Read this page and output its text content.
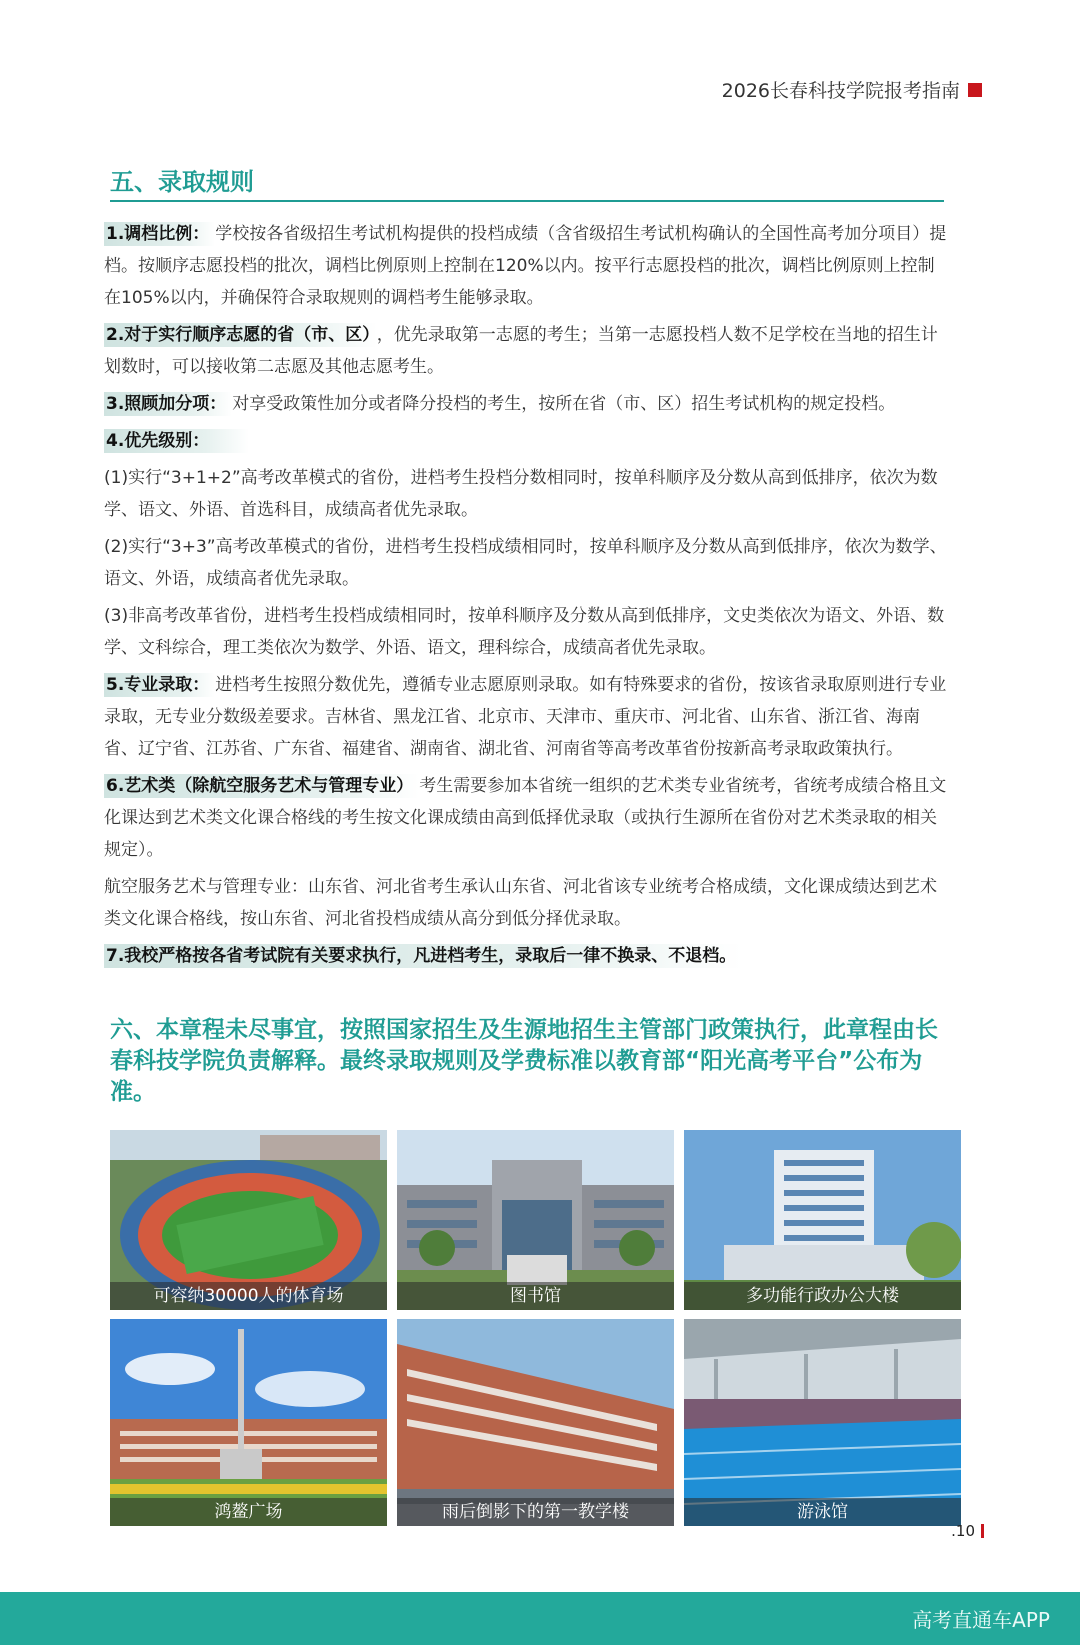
2026长春科技学院报考指南
五、录取规则

1.调档比例： 学校按各省级招生考试机构提供的投档成绩（含省级招生考试机构确认的全国性高考加分项目）提档。按顺序志愿投档的批次，调档比例原则上控制在120%以内。按平行志愿投档的批次，调档比例原则上控制在105%以内，并确保符合录取规则的调档考生能够录取。

2.对于实行顺序志愿的省（市、区） ，优先录取第一志愿的考生；当第一志愿投档人数不足学校在当地的招生计划数时，可以接收第二志愿及其他志愿考生。

3.照顾加分项： 对享受政策性加分或者降分投档的考生，按所在省（市、区）招生考试机构的规定投档。

4.优先级别：

(1)实行“3+1+2”高考改革模式的省份，进档考生投档分数相同时，按单科顺序及分数从高到低排序，依次为数学、语文、外语、首选科目，成绩高者优先录取。

(2)实行“3+3”高考改革模式的省份，进档考生投档成绩相同时，按单科顺序及分数从高到低排序，依次为数学、语文、外语，成绩高者优先录取。

(3)非高考改革省份，进档考生投档成绩相同时，按单科顺序及分数从高到低排序，文史类依次为语文、外语、数学、文科综合，理工类依次为数学、外语、语文，理科综合，成绩高者优先录取。

5.专业录取： 进档考生按照分数优先，遵循专业志愿原则录取。如有特殊要求的省份，按该省录取原则进行专业录取，无专业分数级差要求。吉林省、黑龙江省、北京市、天津市、重庆市、河北省、山东省、浙江省、海南省、辽宁省、江苏省、广东省、福建省、湖南省、湖北省、河南省等高考改革省份按新高考录取政策执行。

6.艺术类（除航空服务艺术与管理专业） 考生需要参加本省统一组织的艺术类专业省统考，省统考成绩合格且文化课达到艺术类文化课合格线的考生按文化课成绩由高到低择优录取（或执行生源所在省份对艺术类录取的相关规定）。

航空服务艺术与管理专业：山东省、河北省考生承认山东省、河北省该专业统考合格成绩，文化课成绩达到艺术类文化课合格线，按山东省、河北省投档成绩从高分到低分择优录取。

7.我校严格按各省考试院有关要求执行，凡进档考生，录取后一律不换录、不退档。

六、本章程未尽事宜，按照国家招生及生源地招生主管部门政策执行，此章程由长春科技学院负责解释。最终录取规则及学费标准以教育部“阳光高考平台”公布为准。
可容纳30000人的体育场	图书馆	多功能行政办公大楼
鸿鳌广场	雨后倒影下的第一教学楼	游泳馆
.10
高考直通车APP
